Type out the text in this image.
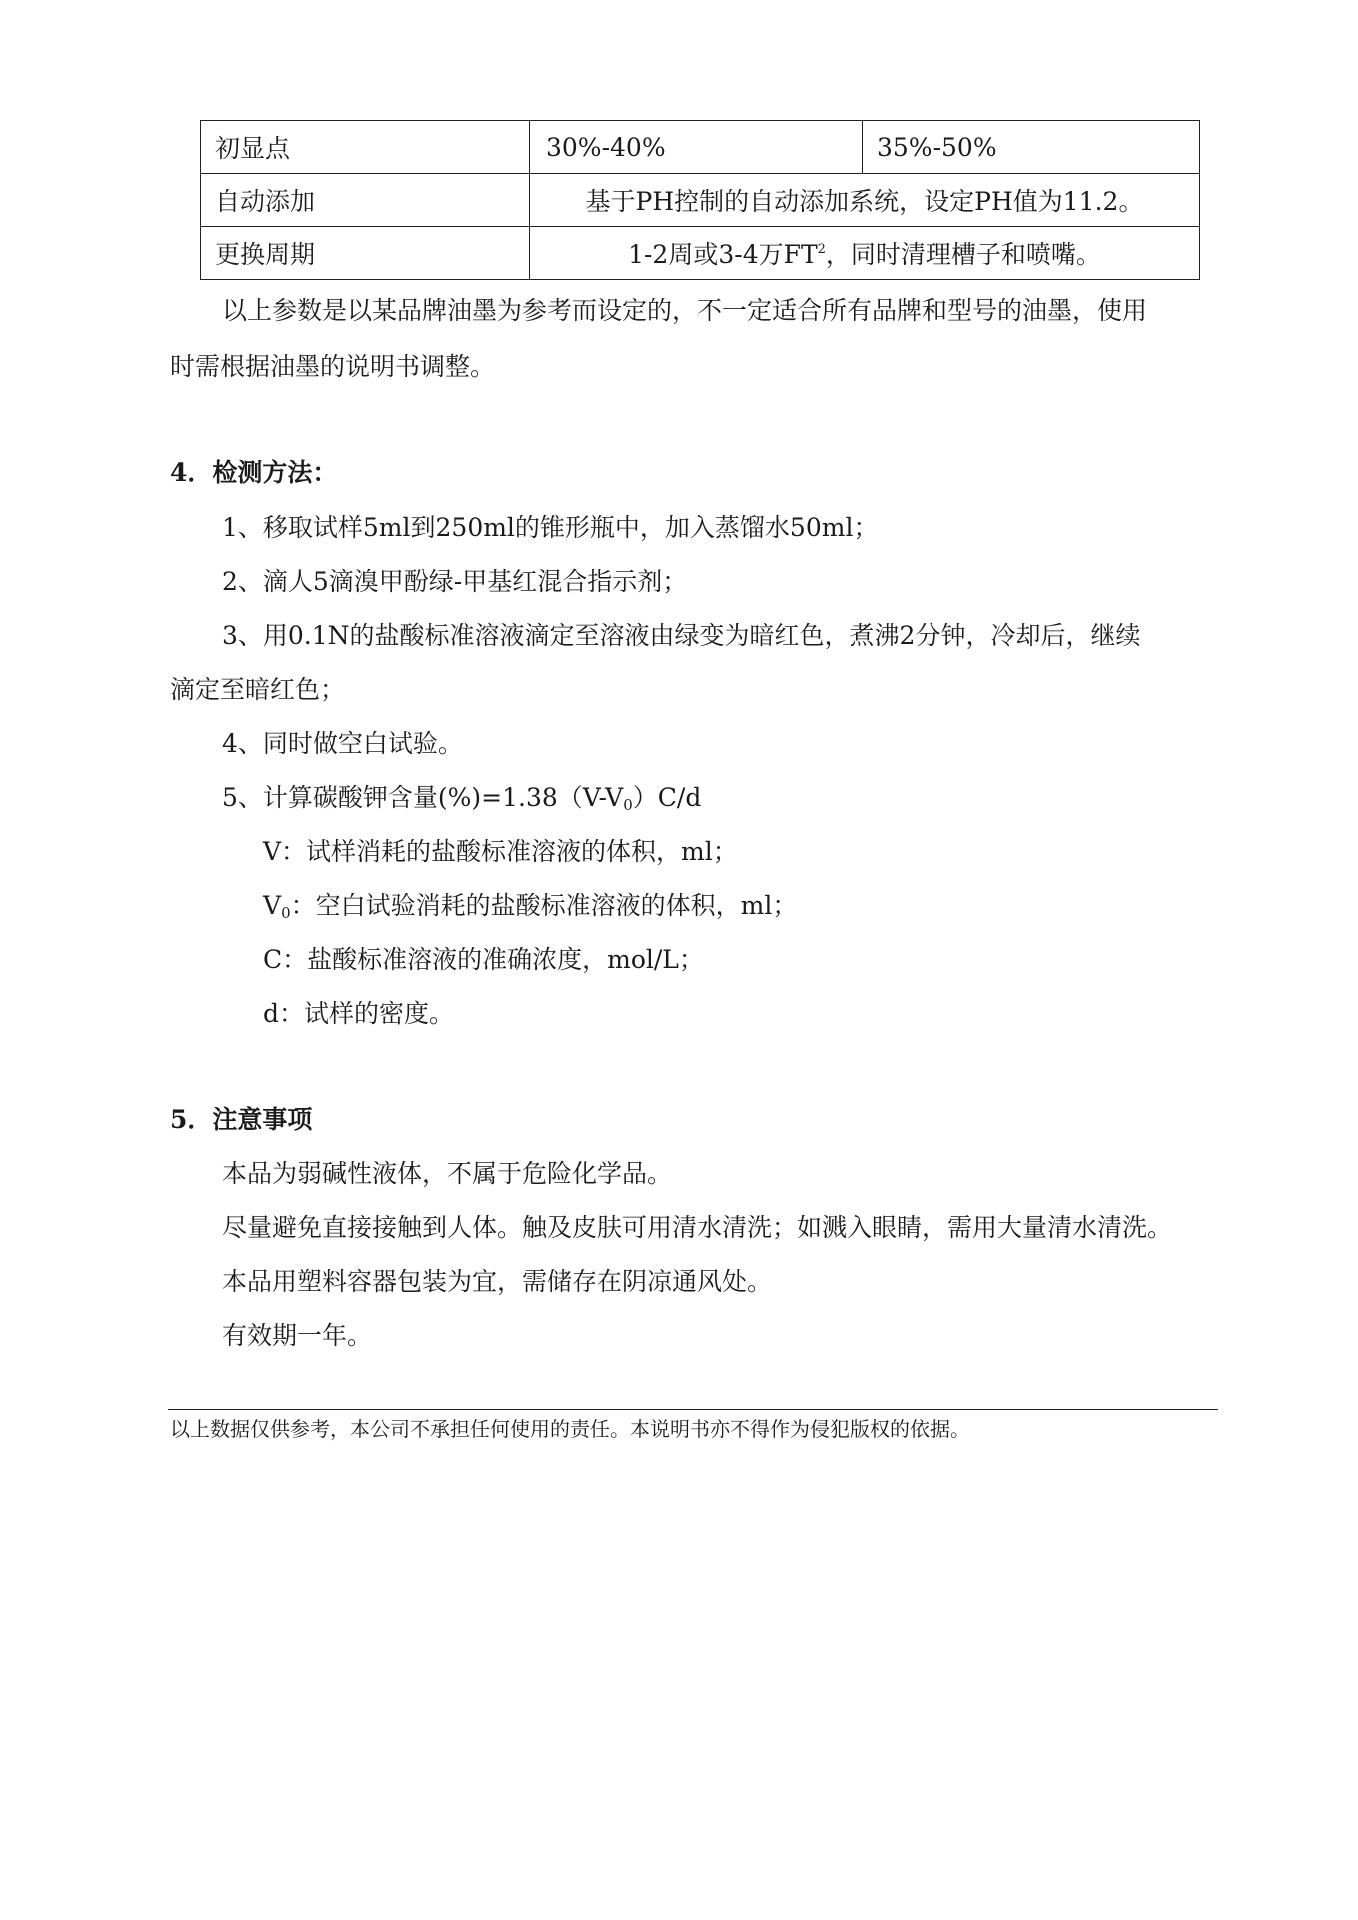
初显点	30%-40%	35%-50%
自动添加	基于PH控制的自动添加系统，设定PH值为11.2。	
更换周期	1-2周或3-4万$FT^2$，同时清理槽子和喷嘴。	
以上参数是以某品牌油墨为参考而设定的，不一定适合所有品牌和型号的油墨，使用
时需根据油墨的说明书调整。
4．检测方法：
1、移取试样5ml到250ml的锥形瓶中，加入蒸馏水50ml；
2、滴人5滴溴甲酚绿-甲基红混合指示剂；
3、用0.1N的盐酸标准溶液滴定至溶液由绿变为暗红色，煮沸2分钟，冷却后，继续
滴定至暗红色；
4、同时做空白试验。
5、计算碳酸钾含量$(\%)=1.38(V-V_0)C/d$
V：试样消耗的盐酸标准溶液的体积，ml；
$V_0$：空白试验消耗的盐酸标准溶液的体积，ml；
C：盐酸标准溶液的准确浓度，mol/L；
d：试样的密度。
5．注意事项
本品为弱碱性液体，不属于危险化学品。
尽量避免直接接触到人体。触及皮肤可用清水清洗；如溅入眼睛，需用大量清水清洗。
本品用塑料容器包装为宜，需储存在阴凉通风处。
有效期一年。
以上数据仅供参考，本公司不承担任何使用的责任。本说明书亦不得作为侵犯版权的依据。
